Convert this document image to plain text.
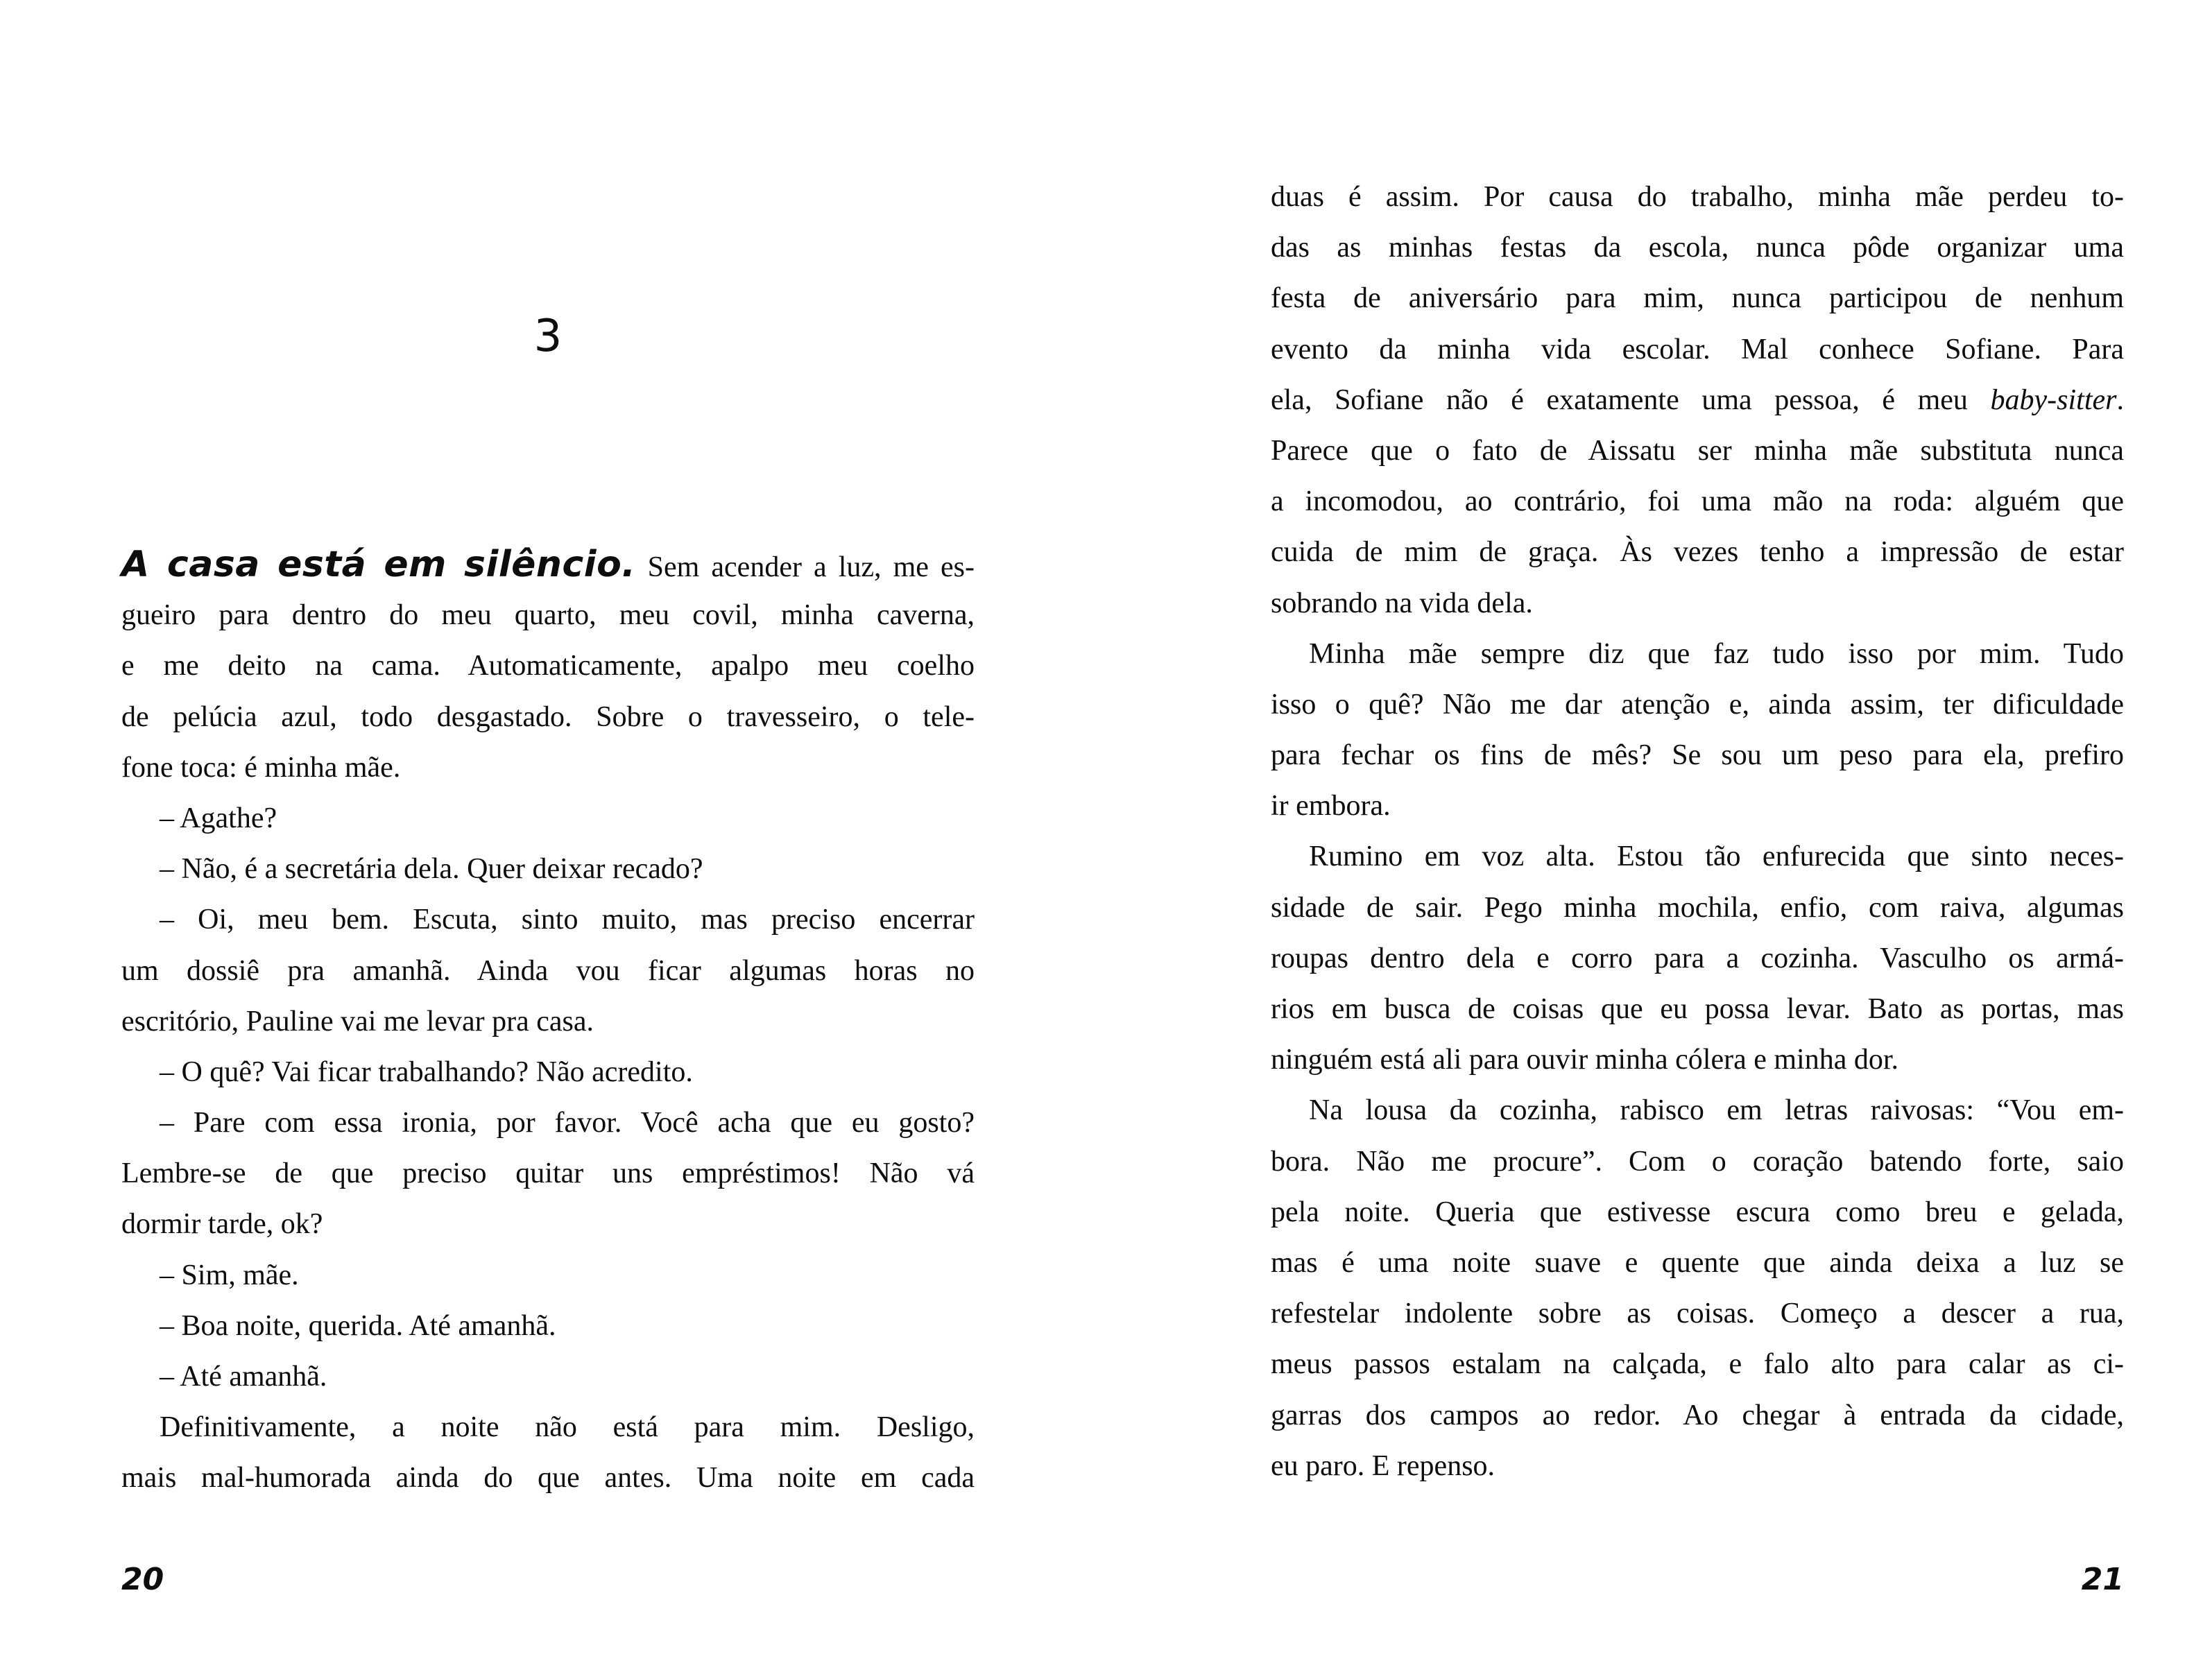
3
A casa está em silêncio. Sem acender a luz, me es-
gueiro para dentro do meu quarto, meu covil, minha caverna,
e me deito na cama. Automaticamente, apalpo meu coelho
de pelúcia azul, todo desgastado. Sobre o travesseiro, o tele-
fone toca: é minha mãe.
– Agathe?
– Não, é a secretária dela. Quer deixar recado?
– Oi, meu bem. Escuta, sinto muito, mas preciso encerrar
um dossiê pra amanhã. Ainda vou ficar algumas horas no
escritório, Pauline vai me levar pra casa.
– O quê? Vai ficar trabalhando? Não acredito.
– Pare com essa ironia, por favor. Você acha que eu gosto?
Lembre-se de que preciso quitar uns empréstimos! Não vá
dormir tarde, ok?
– Sim, mãe.
– Boa noite, querida. Até amanhã.
– Até amanhã.
Definitivamente, a noite não está para mim. Desligo,
mais mal-humorada ainda do que antes. Uma noite em cada
20
duas é assim. Por causa do trabalho, minha mãe perdeu to-
das as minhas festas da escola, nunca pôde organizar uma
festa de aniversário para mim, nunca participou de nenhum
evento da minha vida escolar. Mal conhece Sofiane. Para
ela, Sofiane não é exatamente uma pessoa, é meu baby-sitter.
Parece que o fato de Aissatu ser minha mãe substituta nunca
a incomodou, ao contrário, foi uma mão na roda: alguém que
cuida de mim de graça. Às vezes tenho a impressão de estar
sobrando na vida dela.
Minha mãe sempre diz que faz tudo isso por mim. Tudo
isso o quê? Não me dar atenção e, ainda assim, ter dificuldade
para fechar os fins de mês? Se sou um peso para ela, prefiro
ir embora.
Rumino em voz alta. Estou tão enfurecida que sinto neces-
sidade de sair. Pego minha mochila, enfio, com raiva, algumas
roupas dentro dela e corro para a cozinha. Vasculho os armá-
rios em busca de coisas que eu possa levar. Bato as portas, mas
ninguém está ali para ouvir minha cólera e minha dor.
Na lousa da cozinha, rabisco em letras raivosas: “Vou em-
bora. Não me procure”. Com o coração batendo forte, saio
pela noite. Queria que estivesse escura como breu e gelada,
mas é uma noite suave e quente que ainda deixa a luz se
refestelar indolente sobre as coisas. Começo a descer a rua,
meus passos estalam na calçada, e falo alto para calar as ci-
garras dos campos ao redor. Ao chegar à entrada da cidade,
eu paro. E repenso.
21
